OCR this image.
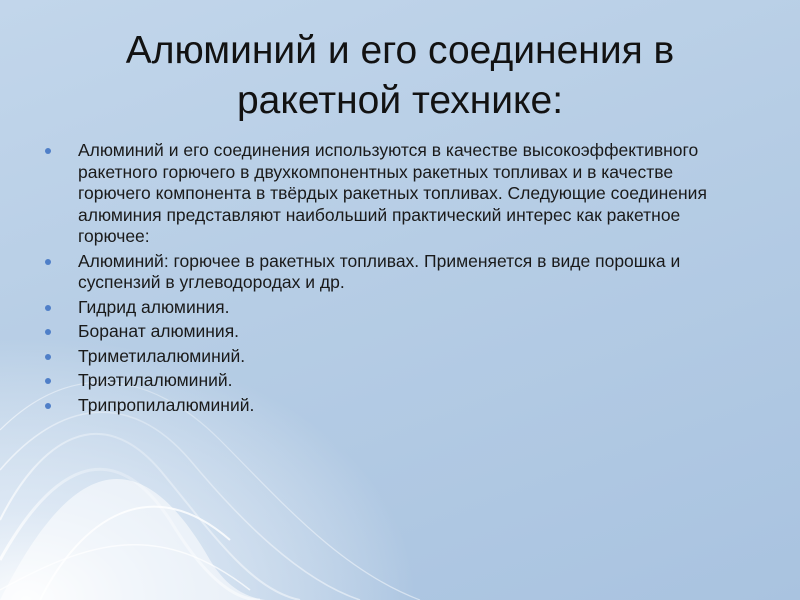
Алюминий и его соединения в ракетной технике:
Алюминий и его соединения используются в качестве высокоэффективного ракетного горючего в двухкомпонентных ракетных топливах и в качестве горючего компонента в твёрдых ракетных топливах. Следующие соединения алюминия представляют наибольший практический интерес как ракетное горючее:
Алюминий: горючее в ракетных топливах. Применяется в виде порошка и суспензий в углеводородах и др.
Гидрид алюминия.
Боранат алюминия.
Триметилалюминий.
Триэтилалюминий.
Трипропилалюминий.
